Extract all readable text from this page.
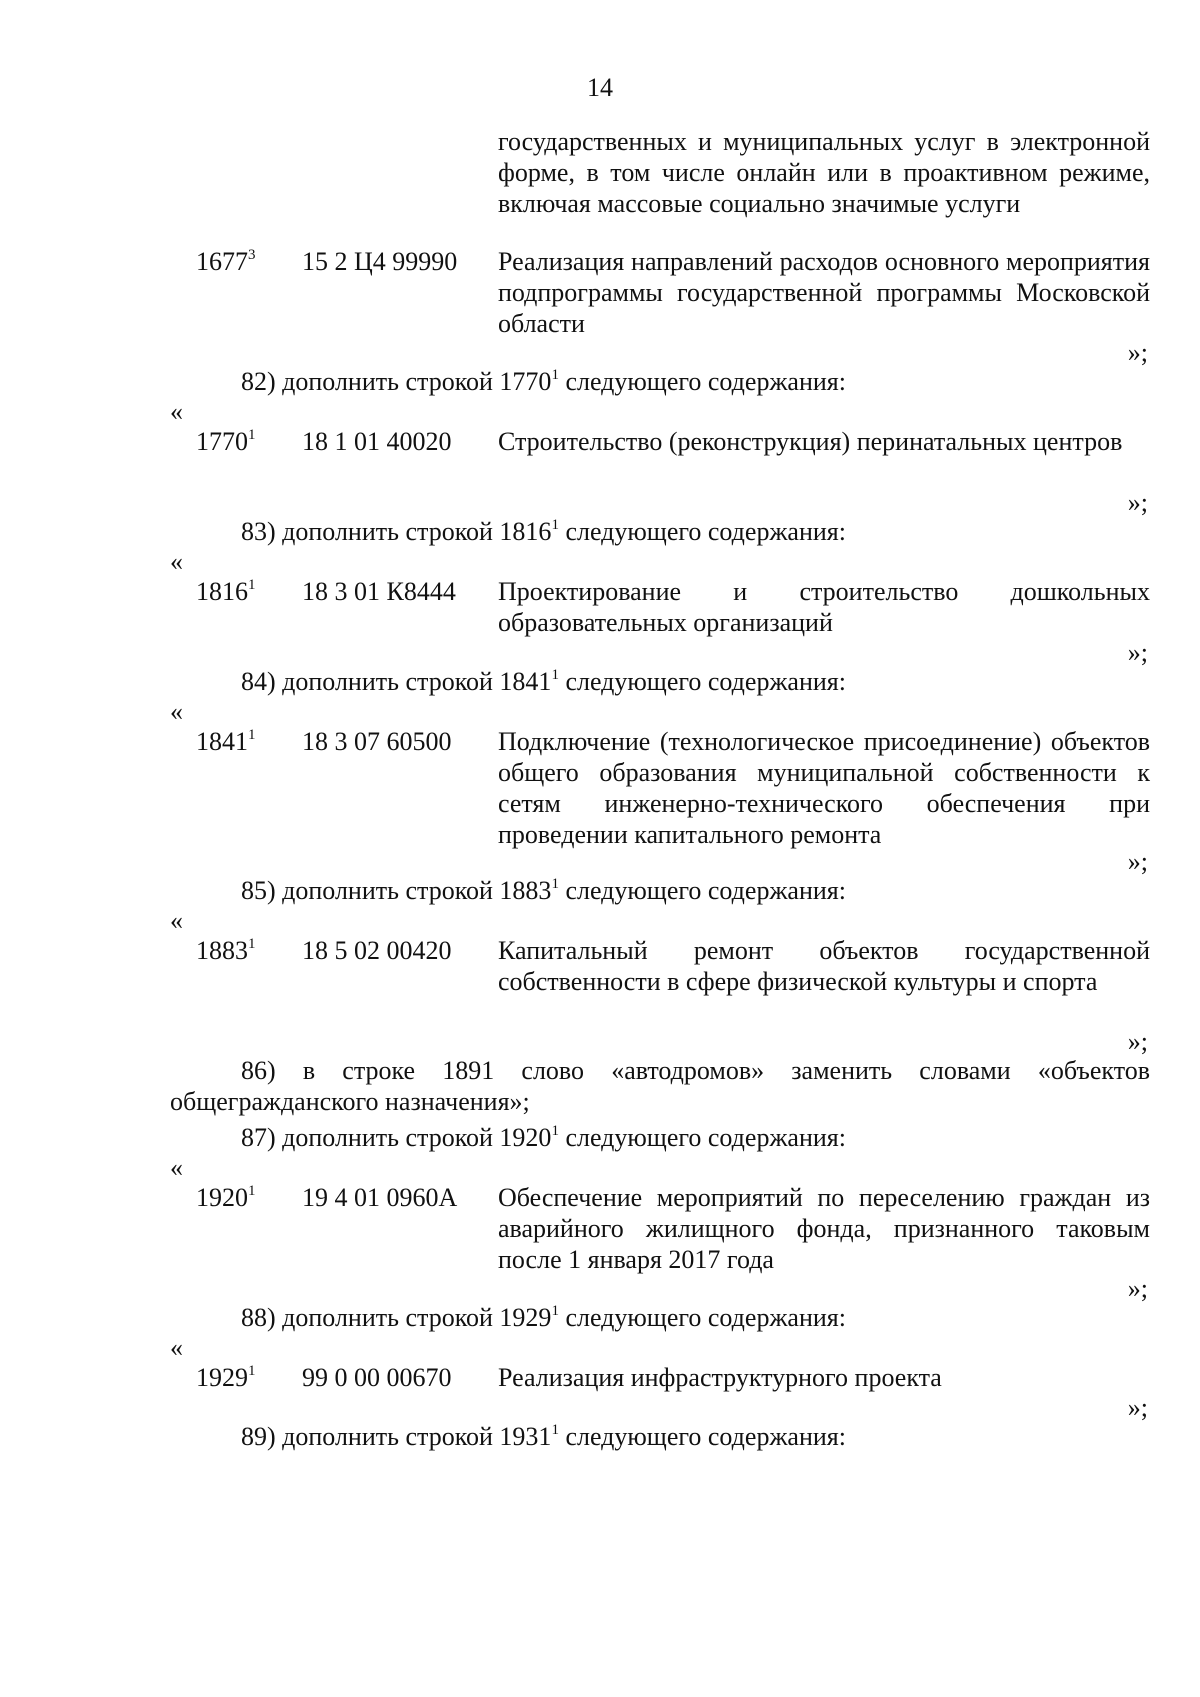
14
государственных и муниципальных услуг в электронной форме, в том числе онлайн или в проактивном режиме, включая массовые социально значимые услуги
1677$^3$ 15 2 Ц4 99990 Реализация направлений расходов основного мероприятия подпрограммы государственной программы Московской области
»;
82) дополнить строкой 1770$^1$ следующего содержания:
«
1770$^1$ 18 1 01 40020 Строительство (реконструкция) перинатальных центров
»;
83) дополнить строкой 1816$^1$ следующего содержания:
«
1816$^1$ 18 3 01 К8444 Проектирование и строительство дошкольных образовательных организаций
»;
84) дополнить строкой 1841$^1$ следующего содержания:
«
1841$^1$ 18 3 07 60500 Подключение (технологическое присоединение) объектов общего образования муниципальной собственности к сетям инженерно-технического обеспечения при проведении капитального ремонта
»;
85) дополнить строкой 1883$^1$ следующего содержания:
«
1883$^1$ 18 5 02 00420 Капитальный ремонт объектов государственной собственности в сфере физической культуры и спорта
»;
86) в строке 1891 слово «автодромов» заменить словами «объектов общегражданского назначения»;
87) дополнить строкой 1920$^1$ следующего содержания:
«
1920$^1$ 19 4 01 0960А Обеспечение мероприятий по переселению граждан из аварийного жилищного фонда, признанного таковым после 1 января 2017 года
»;
88) дополнить строкой 1929$^1$ следующего содержания:
«
1929$^1$ 99 0 00 00670 Реализация инфраструктурного проекта
»;
89) дополнить строкой 1931$^1$ следующего содержания:
